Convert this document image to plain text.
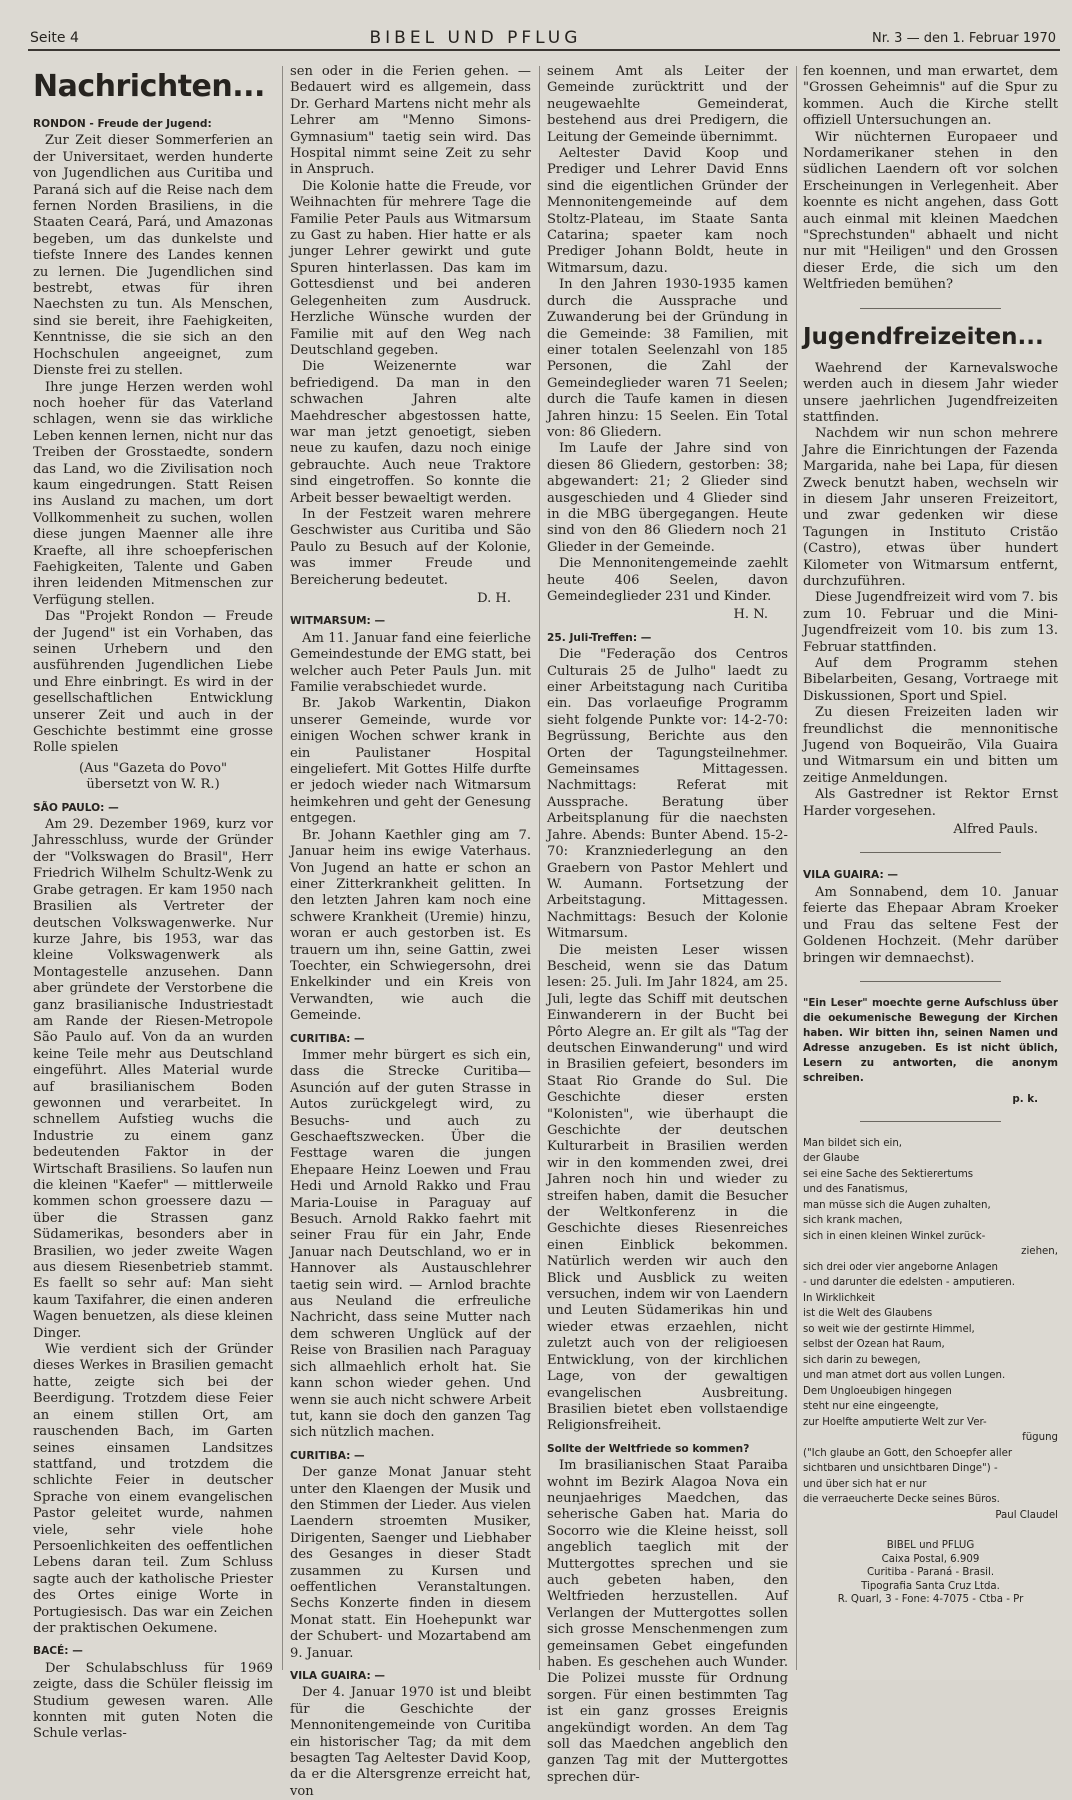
Seite 4	BIBEL UND PFLUG	Nr. 3 — den 1. Februar 1970
Nachrichten...
RONDON - Freude der Jugend:

Zur Zeit dieser Sommerferien an der Universitaet, werden hunderte von Jugendlichen aus Curitiba und Paraná sich auf die Reise nach dem fernen Norden Brasiliens, in die Staaten Ceará, Pará, und Amazonas begeben, um das dunkelste und tiefste Innere des Landes kennen zu lernen. Die Jugendlichen sind bestrebt, etwas für ihren Naechsten zu tun. Als Menschen, sind sie bereit, ihre Faehigkeiten, Kenntnisse, die sie sich an den Hochschulen angeeignet, zum Dienste frei zu stellen.

Ihre junge Herzen werden wohl noch hoeher für das Vaterland schlagen, wenn sie das wirkliche Leben kennen lernen, nicht nur das Treiben der Grosstaedte, sondern das Land, wo die Zivilisation noch kaum eingedrungen. Statt Reisen ins Ausland zu machen, um dort Vollkommenheit zu suchen, wollen diese jungen Maenner alle ihre Kraefte, all ihre schoepferischen Faehigkeiten, Talente und Gaben ihren leidenden Mitmenschen zur Verfügung stellen.

Das "Projekt Rondon — Freude der Jugend" ist ein Vorhaben, das seinen Urhebern und den ausführenden Jugendlichen Liebe und Ehre einbringt. Es wird in der gesellschaftlichen Entwicklung unserer Zeit und auch in der Geschichte bestimmt eine grosse Rolle spielen

(Aus "Gazeta do Povo"
übersetzt von W. R.)
SÃO PAULO: —

Am 29. Dezember 1969, kurz vor Jahresschluss, wurde der Gründer der "Volkswagen do Brasil", Herr Friedrich Wilhelm Schultz-Wenk zu Grabe getragen. Er kam 1950 nach Brasilien als Vertreter der deutschen Volkswagenwerke. Nur kurze Jahre, bis 1953, war das kleine Volkswagenwerk als Montagestelle anzusehen. Dann aber gründete der Verstorbene die ganz brasilianische Industriestadt am Rande der Riesen-Metropole São Paulo auf. Von da an wurden keine Teile mehr aus Deutschland eingeführt. Alles Material wurde auf brasilianischem Boden gewonnen und verarbeitet. In schnellem Aufstieg wuchs die Industrie zu einem ganz bedeutenden Faktor in der Wirtschaft Brasiliens. So laufen nun die kleinen "Kaefer" — mittlerweile kommen schon groessere dazu — über die Strassen ganz Südamerikas, besonders aber in Brasilien, wo jeder zweite Wagen aus diesem Riesenbetrieb stammt. Es faellt so sehr auf: Man sieht kaum Taxifahrer, die einen anderen Wagen benuetzen, als diese kleinen Dinger.

Wie verdient sich der Gründer dieses Werkes in Brasilien gemacht hatte, zeigte sich bei der Beerdigung. Trotzdem diese Feier an einem stillen Ort, am rauschenden Bach, im Garten seines einsamen Landsitzes stattfand, und trotzdem die schlichte Feier in deutscher Sprache von einem evangelischen Pastor geleitet wurde, nahmen viele, sehr viele hohe Persoenlichkeiten des oeffentlichen Lebens daran teil. Zum Schluss sagte auch der katholische Priester des Ortes einige Worte in Portugiesisch. Das war ein Zeichen der praktischen Oekumene.

BACÉ: —

Der Schulabschluss für 1969 zeigte, dass die Schüler fleissig im Studium gewesen waren. Alle konnten mit guten Noten die Schule verlas-

sen oder in die Ferien gehen. — Bedauert wird es allgemein, dass Dr. Gerhard Martens nicht mehr als Lehrer am "Menno Simons-Gymnasium" taetig sein wird. Das Hospital nimmt seine Zeit zu sehr in Anspruch.

Die Kolonie hatte die Freude, vor Weihnachten für mehrere Tage die Familie Peter Pauls aus Witmarsum zu Gast zu haben. Hier hatte er als junger Lehrer gewirkt und gute Spuren hinterlassen. Das kam im Gottesdienst und bei anderen Gelegenheiten zum Ausdruck. Herzliche Wünsche wurden der Familie mit auf den Weg nach Deutschland gegeben.

Die Weizenernte war befriedigend. Da man in den schwachen Jahren alte Maehdrescher abgestossen hatte, war man jetzt genoetigt, sieben neue zu kaufen, dazu noch einige gebrauchte. Auch neue Traktore sind eingetroffen. So konnte die Arbeit besser bewaeltigt werden.

In der Festzeit waren mehrere Geschwister aus Curitiba und São Paulo zu Besuch auf der Kolonie, was immer Freude und Bereicherung bedeutet.

D. H.
WITMARSUM: —

Am 11. Januar fand eine feierliche Gemeindestunde der EMG statt, bei welcher auch Peter Pauls Jun. mit Familie verabschiedet wurde.

Br. Jakob Warkentin, Diakon unserer Gemeinde, wurde vor einigen Wochen schwer krank in ein Paulistaner Hospital eingeliefert. Mit Gottes Hilfe durfte er jedoch wieder nach Witmarsum heimkehren und geht der Genesung entgegen.

Br. Johann Kaethler ging am 7. Januar heim ins ewige Vaterhaus. Von Jugend an hatte er schon an einer Zitterkrankheit gelitten. In den letzten Jahren kam noch eine schwere Krankheit (Uremie) hinzu, woran er auch gestorben ist. Es trauern um ihn, seine Gattin, zwei Toechter, ein Schwiegersohn, drei Enkelkinder und ein Kreis von Verwandten, wie auch die Gemeinde.

CURITIBA: —

Immer mehr bürgert es sich ein, dass die Strecke Curitiba—Asunción auf der guten Strasse in Autos zurückgelegt wird, zu Besuchs- und auch zu Geschaeftszwecken. Über die Festtage waren die jungen Ehepaare Heinz Loewen und Frau Hedi und Arnold Rakko und Frau Maria-Louise in Paraguay auf Besuch. Arnold Rakko faehrt mit seiner Frau für ein Jahr, Ende Januar nach Deutschland, wo er in Hannover als Austauschlehrer taetig sein wird. — Arnlod brachte aus Neuland die erfreuliche Nachricht, dass seine Mutter nach dem schweren Unglück auf der Reise von Brasilien nach Paraguay sich allmaehlich erholt hat. Sie kann schon wieder gehen. Und wenn sie auch nicht schwere Arbeit tut, kann sie doch den ganzen Tag sich nützlich machen.

CURITIBA: —

Der ganze Monat Januar steht unter den Klaengen der Musik und den Stimmen der Lieder. Aus vielen Laendern stroemten Musiker, Dirigenten, Saenger und Liebhaber des Gesanges in dieser Stadt zusammen zu Kursen und oeffentlichen Veranstaltungen. Sechs Konzerte finden in diesem Monat statt. Ein Hoehepunkt war der Schubert- und Mozartabend am 9. Januar.

VILA GUAIRA: —

Der 4. Januar 1970 ist und bleibt für die Geschichte der Mennonitengemeinde von Curitiba ein historischer Tag; da mit dem besagten Tag Aeltester David Koop, da er die Altersgrenze erreicht hat, von

seinem Amt als Leiter der Gemeinde zurücktritt und der neugewaehlte Gemeinderat, bestehend aus drei Predigern, die Leitung der Gemeinde übernimmt.

Aeltester David Koop und Prediger und Lehrer David Enns sind die eigentlichen Gründer der Mennonitengemeinde auf dem Stoltz-Plateau, im Staate Santa Catarina; spaeter kam noch Prediger Johann Boldt, heute in Witmarsum, dazu.

In den Jahren 1930-1935 kamen durch die Aussprache und Zuwanderung bei der Gründung in die Gemeinde: 38 Familien, mit einer totalen Seelenzahl von 185 Personen, die Zahl der Gemeindeglieder waren 71 Seelen; durch die Taufe kamen in diesen Jahren hinzu: 15 Seelen. Ein Total von: 86 Gliedern.

Im Laufe der Jahre sind von diesen 86 Gliedern, gestorben: 38; abgewandert: 21; 2 Glieder sind ausgeschieden und 4 Glieder sind in die MBG übergegangen. Heute sind von den 86 Gliedern noch 21 Glieder in der Gemeinde.

Die Mennonitengemeinde zaehlt heute 406 Seelen, davon Gemeindeglieder 231 und Kinder.

H. N.
25. Juli-Treffen: —

Die "Federação dos Centros Culturais 25 de Julho" laedt zu einer Arbeitstagung nach Curitiba ein. Das vorlaeufige Programm sieht folgende Punkte vor: 14-2-70: Begrüssung, Berichte aus den Orten der Tagungsteilnehmer. Gemeinsames Mittagessen. Nachmittags: Referat mit Aussprache. Beratung über Arbeitsplanung für die naechsten Jahre. Abends: Bunter Abend. 15-2-70: Kranzniederlegung an den Graebern von Pastor Mehlert und W. Aumann. Fortsetzung der Arbeitstagung. Mittagessen. Nachmittags: Besuch der Kolonie Witmarsum.

Die meisten Leser wissen Bescheid, wenn sie das Datum lesen: 25. Juli. Im Jahr 1824, am 25. Juli, legte das Schiff mit deutschen Einwanderern in der Bucht bei Pôrto Alegre an. Er gilt als "Tag der deutschen Einwanderung" und wird in Brasilien gefeiert, besonders im Staat Rio Grande do Sul. Die Geschichte dieser ersten "Kolonisten", wie überhaupt die Geschichte der deutschen Kulturarbeit in Brasilien werden wir in den kommenden zwei, drei Jahren noch hin und wieder zu streifen haben, damit die Besucher der Weltkonferenz in die Geschichte dieses Riesenreiches einen Einblick bekommen. Natürlich werden wir auch den Blick und Ausblick zu weiten versuchen, indem wir von Laendern und Leuten Südamerikas hin und wieder etwas erzaehlen, nicht zuletzt auch von der religioesen Entwicklung, von der kirchlichen Lage, von der gewaltigen evangelischen Ausbreitung. Brasilien bietet eben vollstaendige Religionsfreiheit.

Sollte der Weltfriede so kommen?

Im brasilianischen Staat Paraiba wohnt im Bezirk Alagoa Nova ein neunjaehriges Maedchen, das seherische Gaben hat. Maria do Socorro wie die Kleine heisst, soll angeblich taeglich mit der Muttergottes sprechen und sie auch gebeten haben, den Weltfrieden herzustellen. Auf Verlangen der Muttergottes sollen sich grosse Menschenmengen zum gemeinsamen Gebet eingefunden haben. Es geschehen auch Wunder. Die Polizei musste für Ordnung sorgen. Für einen bestimmten Tag ist ein ganz grosses Ereignis angekündigt worden. An dem Tag soll das Maedchen angeblich den ganzen Tag mit der Muttergottes sprechen dür-

fen koennen, und man erwartet, dem "Grossen Geheimnis" auf die Spur zu kommen. Auch die Kirche stellt offiziell Untersuchungen an.

Wir nüchternen Europaeer und Nordamerikaner stehen in den südlichen Laendern oft vor solchen Erscheinungen in Verlegenheit. Aber koennte es nicht angehen, dass Gott auch einmal mit kleinen Maedchen "Sprechstunden" abhaelt und nicht nur mit "Heiligen" und den Grossen dieser Erde, die sich um den Weltfrieden bemühen?

Jugendfreizeiten...

Waehrend der Karnevalswoche werden auch in diesem Jahr wieder unsere jaehrlichen Jugendfreizeiten stattfinden.

Nachdem wir nun schon mehrere Jahre die Einrichtungen der Fazenda Margarida, nahe bei Lapa, für diesen Zweck benutzt haben, wechseln wir in diesem Jahr unseren Freizeitort, und zwar gedenken wir diese Tagungen in Instituto Cristão (Castro), etwas über hundert Kilometer von Witmarsum entfernt, durchzuführen.

Diese Jugendfreizeit wird vom 7. bis zum 10. Februar und die Mini-Jugendfreizeit vom 10. bis zum 13. Februar stattfinden.

Auf dem Programm stehen Bibelarbeiten, Gesang, Vortraege mit Diskussionen, Sport und Spiel.

Zu diesen Freizeiten laden wir freundlichst die mennonitische Jugend von Boqueirão, Vila Guaira und Witmarsum ein und bitten um zeitige Anmeldungen.

Als Gastredner ist Rektor Ernst Harder vorgesehen.

Alfred Pauls.
VILA GUAIRA: —

Am Sonnabend, dem 10. Januar feierte das Ehepaar Abram Kroeker und Frau das seltene Fest der Goldenen Hochzeit. (Mehr darüber bringen wir demnaechst).

"Ein Leser" moechte gerne Aufschluss über die oekumenische Bewegung der Kirchen haben. Wir bitten ihn, seinen Namen und Adresse anzugeben. Es ist nicht üblich, Lesern zu antworten, die anonym schreiben.
p. k.
Man bildet sich ein,
der Glaube
sei eine Sache des Sektierertums
und des Fanatismus,
man müsse sich die Augen zuhalten,
sich krank machen,
sich in einen kleinen Winkel zurück-
ziehen,
sich drei oder vier angeborne Anlagen
- und darunter die edelsten - amputieren.
In Wirklichkeit
ist die Welt des Glaubens
so weit wie der gestirnte Himmel,
selbst der Ozean hat Raum,
sich darin zu bewegen,
und man atmet dort aus vollen Lungen.
Dem Ungloeubigen hingegen
steht nur eine eingeengte,
zur Hoelfte amputierte Welt zur Ver-
fügung
("Ich glaube an Gott, den Schoepfer aller
sichtbaren und unsichtbaren Dinge") -
und über sich hat er nur
die verraeucherte Decke seines Büros.
Paul Claudel
BIBEL und PFLUG
Caixa Postal, 6.909
Curitiba - Paraná - Brasil.
Tipografia Santa Cruz Ltda.
R. Quarl, 3 - Fone: 4-7075 - Ctba - Pr
